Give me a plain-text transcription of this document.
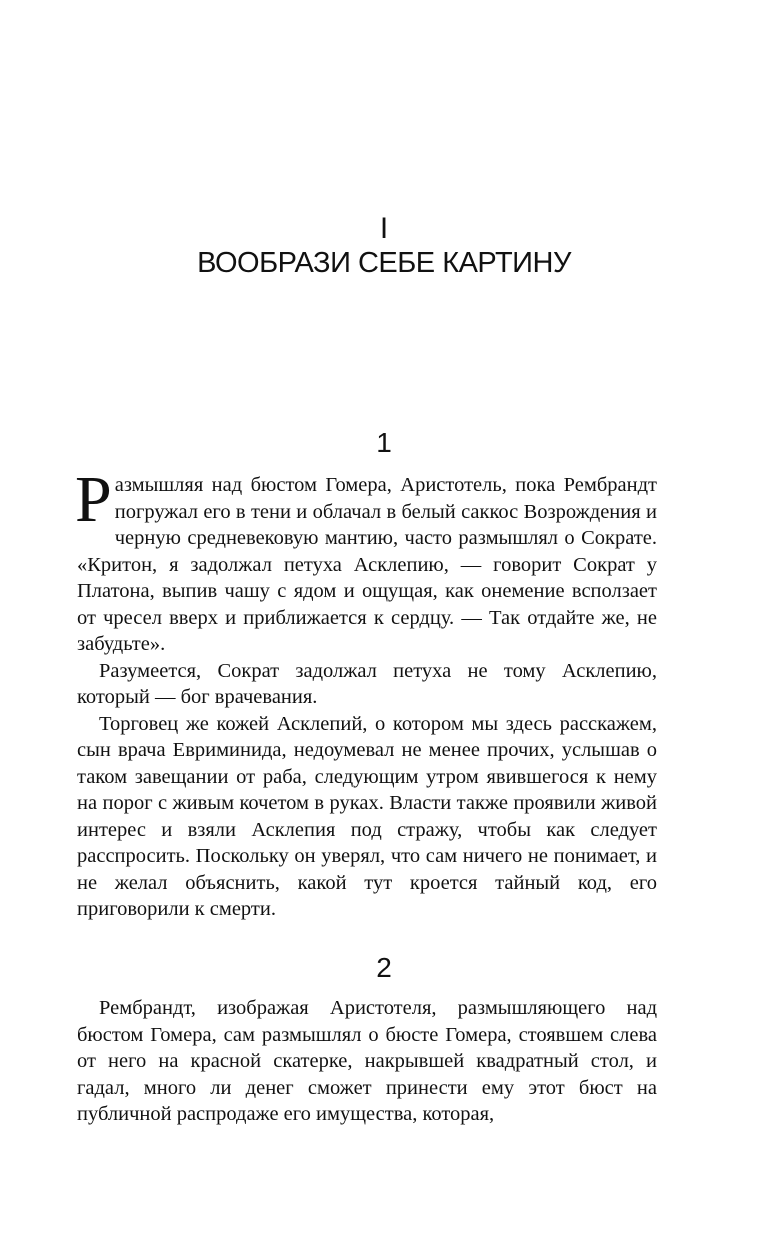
I
ВООБРАЗИ СЕБЕ КАРТИНУ
1

Размышляя над бюстом Гомера, Аристотель, пока Рембрандт погружал его в тени и облачал в белый саккос Возрождения и черную средневековую мантию, часто размышлял о Сократе. «Критон, я задолжал петуха Асклепию, — говорит Сократ у Платона, выпив чашу с ядом и ощущая, как онемение всползает от чресел вверх и приближается к сердцу. — Так отдайте же, не забудьте».

Разумеется, Сократ задолжал петуха не тому Асклепию, который — бог врачевания.

Торговец же кожей Асклепий, о котором мы здесь расскажем, сын врача Евриминида, недоумевал не менее прочих, услышав о таком завещании от раба, следующим утром явившегося к нему на порог с живым кочетом в руках. Власти также проявили живой интерес и взяли Асклепия под стражу, чтобы как следует расспросить. Поскольку он уверял, что сам ничего не понимает, и не желал объяснить, какой тут кроется тайный код, его приговорили к смерти.

2

Рембрандт, изображая Аристотеля, размышляющего над бюстом Гомера, сам размышлял о бюсте Гомера, стоявшем слева от него на красной скатерке, накрывшей квадратный стол, и гадал, много ли денег сможет принести ему этот бюст на публичной распродаже его имущества, которая,
